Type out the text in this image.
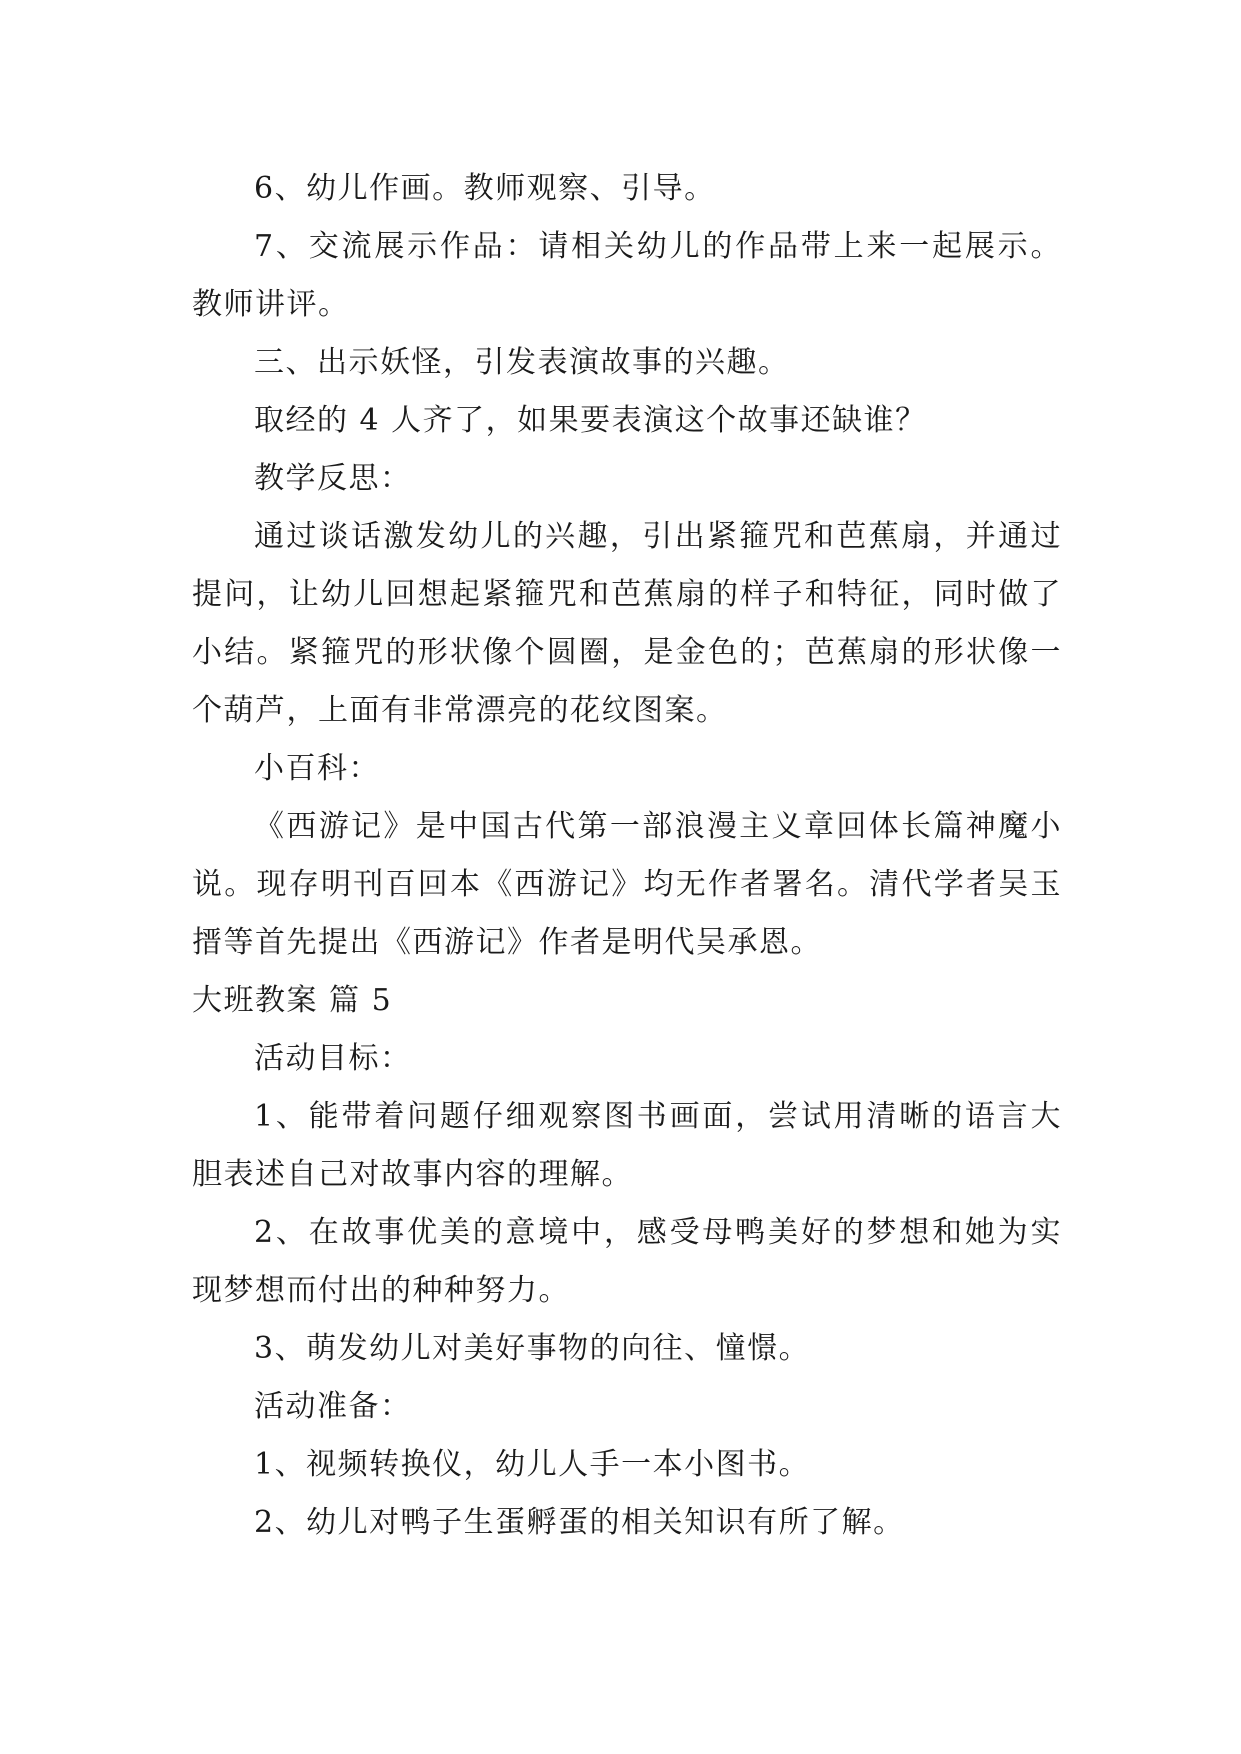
6、幼儿作画。教师观察、引导。

7、交流展示作品：请相关幼儿的作品带上来一起展示。教师讲评。

三、出示妖怪，引发表演故事的兴趣。

取经的 4 人齐了，如果要表演这个故事还缺谁？

教学反思：

通过谈话激发幼儿的兴趣，引出紧箍咒和芭蕉扇，并通过提问，让幼儿回想起紧箍咒和芭蕉扇的样子和特征，同时做了小结。紧箍咒的形状像个圆圈，是金色的；芭蕉扇的形状像一个葫芦，上面有非常漂亮的花纹图案。

小百科：

《西游记》是中国古代第一部浪漫主义章回体长篇神魔小说。现存明刊百回本《西游记》均无作者署名。清代学者吴玉搢等首先提出《西游记》作者是明代吴承恩。

大班教案 篇 5

活动目标：

1、能带着问题仔细观察图书画面，尝试用清晰的语言大胆表述自己对故事内容的理解。

2、在故事优美的意境中，感受母鸭美好的梦想和她为实现梦想而付出的种种努力。

3、萌发幼儿对美好事物的向往、憧憬。

活动准备：

1、视频转换仪，幼儿人手一本小图书。

2、幼儿对鸭子生蛋孵蛋的相关知识有所了解。
